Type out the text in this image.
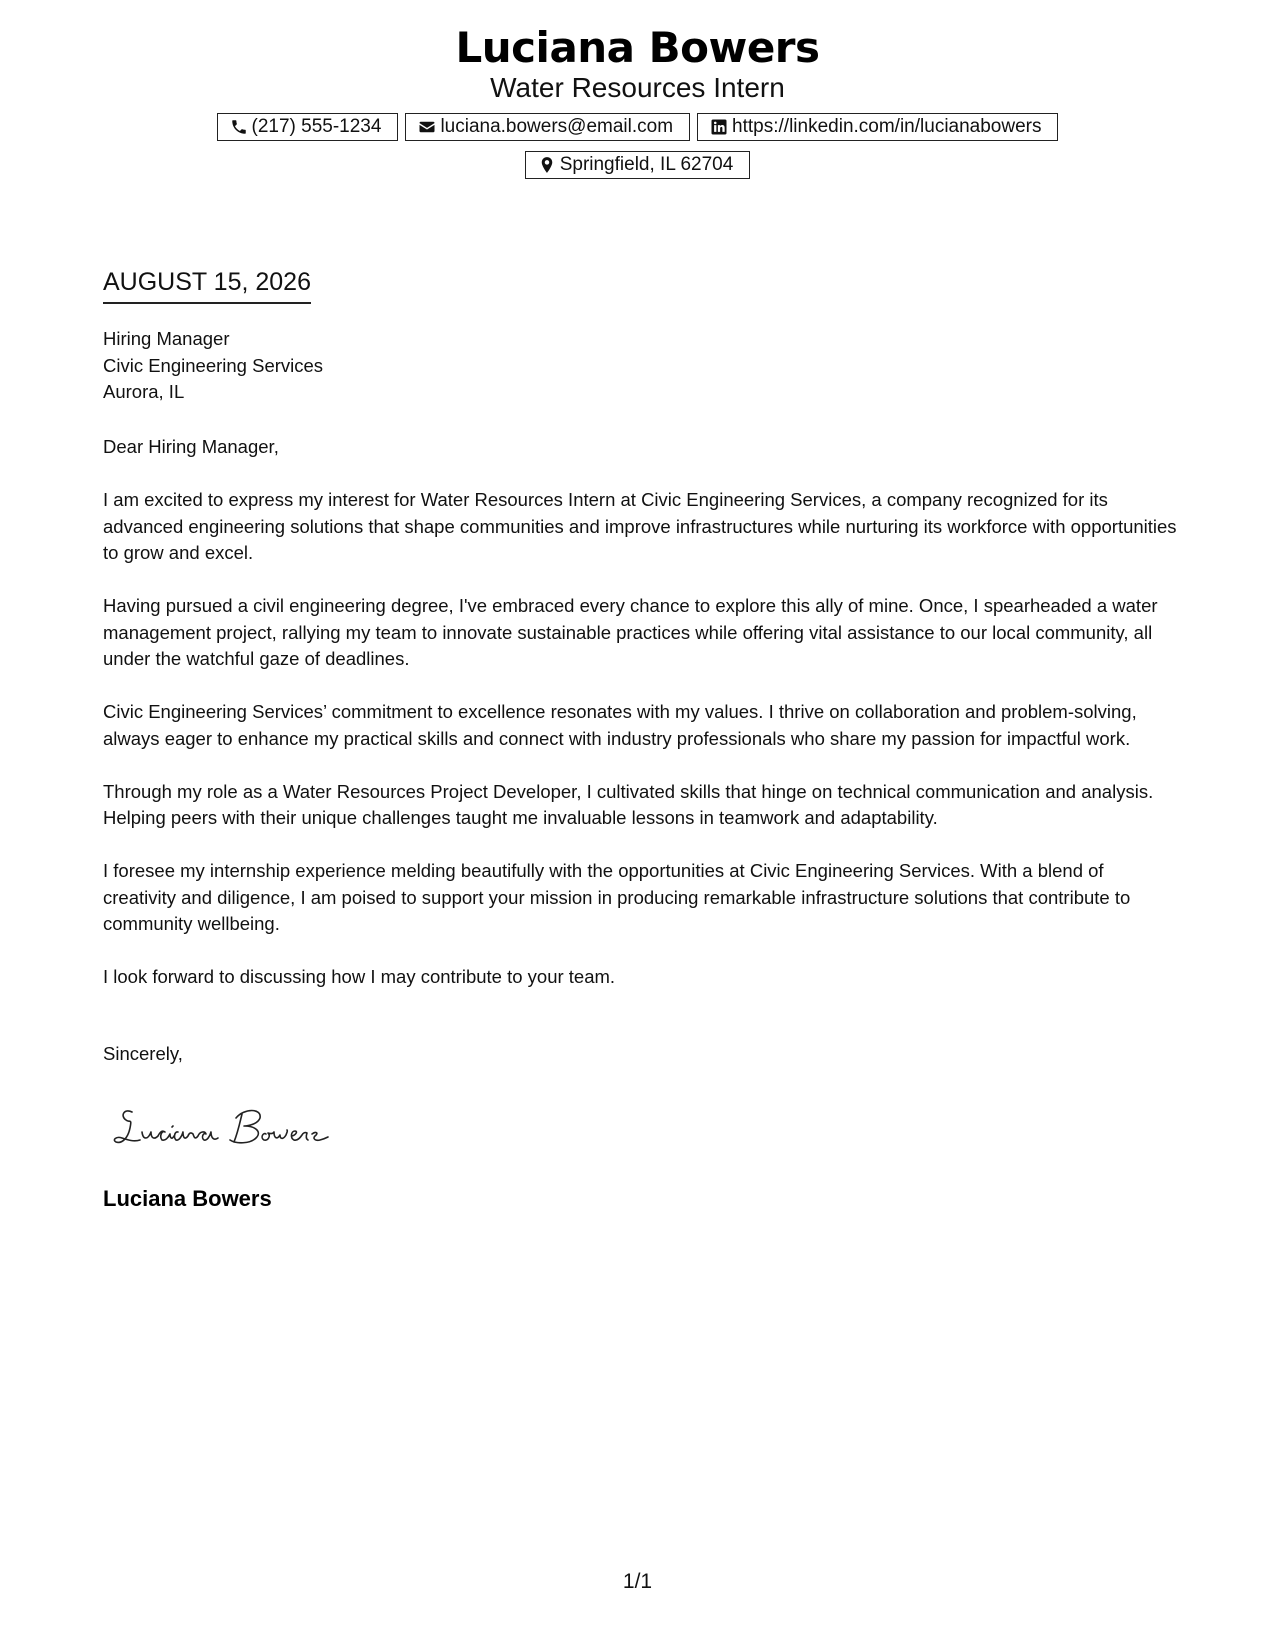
Luciana Bowers
Water Resources Intern
(217) 555-1234	luciana.bowers@email.com	https://linkedin.com/in/lucianabowers
Springfield, IL 62704
AUGUST 15, 2026
Hiring Manager
Civic Engineering Services
Aurora, IL
Dear Hiring Manager,

I am excited to express my interest for Water Resources Intern at Civic Engineering Services, a company recognized for its advanced engineering solutions that shape communities and improve infrastructures while nurturing its workforce with opportunities to grow and excel.

Having pursued a civil engineering degree, I've embraced every chance to explore this ally of mine. Once, I spearheaded a water management project, rallying my team to innovate sustainable practices while offering vital assistance to our local community, all under the watchful gaze of deadlines.

Civic Engineering Services’ commitment to excellence resonates with my values. I thrive on collaboration and problem-solving, always eager to enhance my practical skills and connect with industry professionals who share my passion for impactful work.

Through my role as a Water Resources Project Developer, I cultivated skills that hinge on technical communication and analysis. Helping peers with their unique challenges taught me invaluable lessons in teamwork and adaptability.

I foresee my internship experience melding beautifully with the opportunities at Civic Engineering Services. With a blend of creativity and diligence, I am poised to support your mission in producing remarkable infrastructure solutions that contribute to community wellbeing.

I look forward to discussing how I may contribute to your team.

Sincerely,
Luciana Bowers
1/1
